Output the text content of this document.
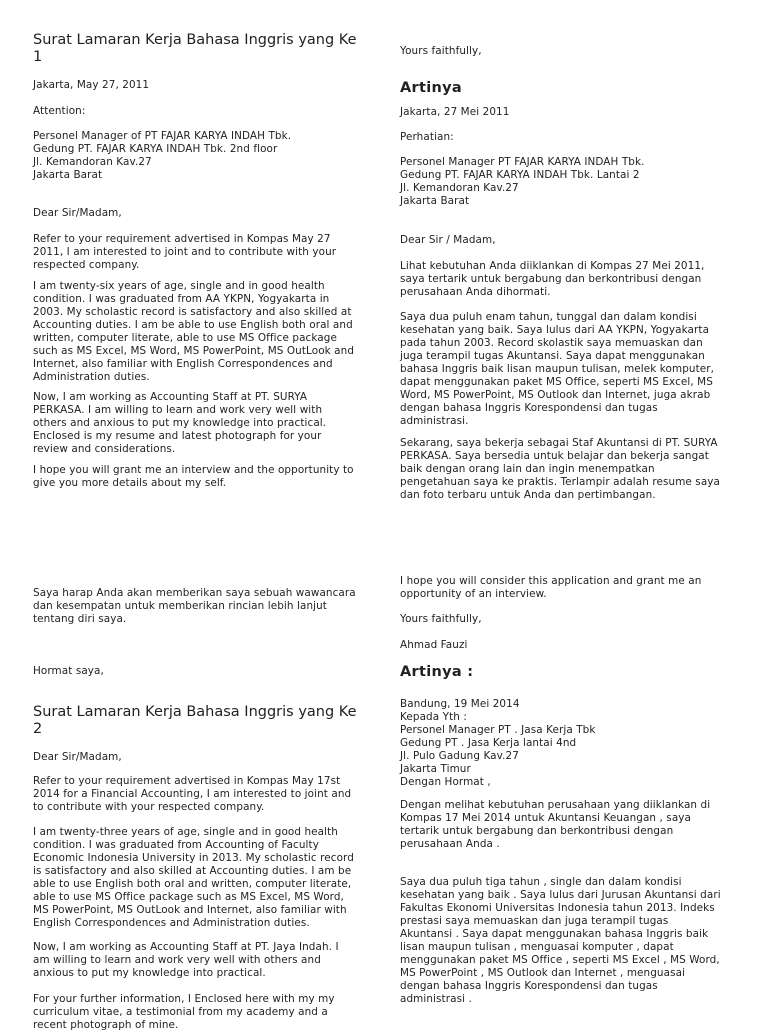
Surat Lamaran Kerja Bahasa Inggris yang Ke
1

Jakarta, May 27, 2011

Attention:

Personel Manager of PT FAJAR KARYA INDAH Tbk.
Gedung PT. FAJAR KARYA INDAH Tbk. 2nd floor
Jl. Kemandoran Kav.27
Jakarta Barat

Dear Sir/Madam,

Refer to your requirement advertised in Kompas May 27
2011, I am interested to joint and to contribute with your
respected company.

I am twenty-six years of age, single and in good health
condition. I was graduated from AA YKPN, Yogyakarta in
2003. My scholastic record is satisfactory and also skilled at
Accounting duties. I am be able to use English both oral and
written, computer literate, able to use MS Office package
such as MS Excel, MS Word, MS PowerPoint, MS OutLook and
Internet, also familiar with English Correspondences and
Administration duties.

Now, I am working as Accounting Staff at PT. SURYA
PERKASA. I am willing to learn and work very well with
others and anxious to put my knowledge into practical.
Enclosed is my resume and latest photograph for your
review and considerations.

I hope you will grant me an interview and the opportunity to
give you more details about my self.

Saya harap Anda akan memberikan saya sebuah wawancara
dan kesempatan untuk memberikan rincian lebih lanjut
tentang diri saya.

Hormat saya,

Surat Lamaran Kerja Bahasa Inggris yang Ke
2

Dear Sir/Madam,

Refer to your requirement advertised in Kompas May 17st
2014 for a Financial Accounting, I am interested to joint and
to contribute with your respected company.

I am twenty-three years of age, single and in good health
condition. I was graduated from Accounting of Faculty
Economic Indonesia University in 2013. My scholastic record
is satisfactory and also skilled at Accounting duties. I am be
able to use English both oral and written, computer literate,
able to use MS Office package such as MS Excel, MS Word,
MS PowerPoint, MS OutLook and Internet, also familiar with
English Correspondences and Administration duties.

Now, I am working as Accounting Staff at PT. Jaya Indah. I
am willing to learn and work very well with others and
anxious to put my knowledge into practical.

For your further information, I Enclosed here with my my
curriculum vitae, a testimonial from my academy and a
recent photograph of mine.

Yours faithfully,

Artinya

Jakarta, 27 Mei 2011

Perhatian:

Personel Manager PT FAJAR KARYA INDAH Tbk.
Gedung PT. FAJAR KARYA INDAH Tbk. Lantai 2
Jl. Kemandoran Kav.27
Jakarta Barat

Dear Sir / Madam,

Lihat kebutuhan Anda diiklankan di Kompas 27 Mei 2011,
saya tertarik untuk bergabung dan berkontribusi dengan
perusahaan Anda dihormati.

Saya dua puluh enam tahun, tunggal dan dalam kondisi
kesehatan yang baik. Saya lulus dari AA YKPN, Yogyakarta
pada tahun 2003. Record skolastik saya memuaskan dan
juga terampil tugas Akuntansi. Saya dapat menggunakan
bahasa Inggris baik lisan maupun tulisan, melek komputer,
dapat menggunakan paket MS Office, seperti MS Excel, MS
Word, MS PowerPoint, MS Outlook dan Internet, juga akrab
dengan bahasa Inggris Korespondensi dan tugas
administrasi.

Sekarang, saya bekerja sebagai Staf Akuntansi di PT. SURYA
PERKASA. Saya bersedia untuk belajar dan bekerja sangat
baik dengan orang lain dan ingin menempatkan
pengetahuan saya ke praktis. Terlampir adalah resume saya
dan foto terbaru untuk Anda dan pertimbangan.

I hope you will consider this application and grant me an
opportunity of an interview.

Yours faithfully,

Ahmad Fauzi

Artinya :

Bandung, 19 Mei 2014
Kepada Yth :
Personel Manager PT . Jasa Kerja Tbk
Gedung PT . Jasa Kerja lantai 4nd
Jl. Pulo Gadung Kav.27
Jakarta Timur
Dengan Hormat ,

Dengan melihat kebutuhan perusahaan yang diiklankan di
Kompas 17 Mei 2014 untuk Akuntansi Keuangan , saya
tertarik untuk bergabung dan berkontribusi dengan
perusahaan Anda .

Saya dua puluh tiga tahun , single dan dalam kondisi
kesehatan yang baik . Saya lulus dari Jurusan Akuntansi dari
Fakultas Ekonomi Universitas Indonesia tahun 2013. Indeks
prestasi saya memuaskan dan juga terampil tugas
Akuntansi . Saya dapat menggunakan bahasa Inggris baik
lisan maupun tulisan , menguasai komputer , dapat
menggunakan paket MS Office , seperti MS Excel , MS Word,
MS PowerPoint , MS Outlook dan Internet , menguasai
dengan bahasa Inggris Korespondensi dan tugas
administrasi .
